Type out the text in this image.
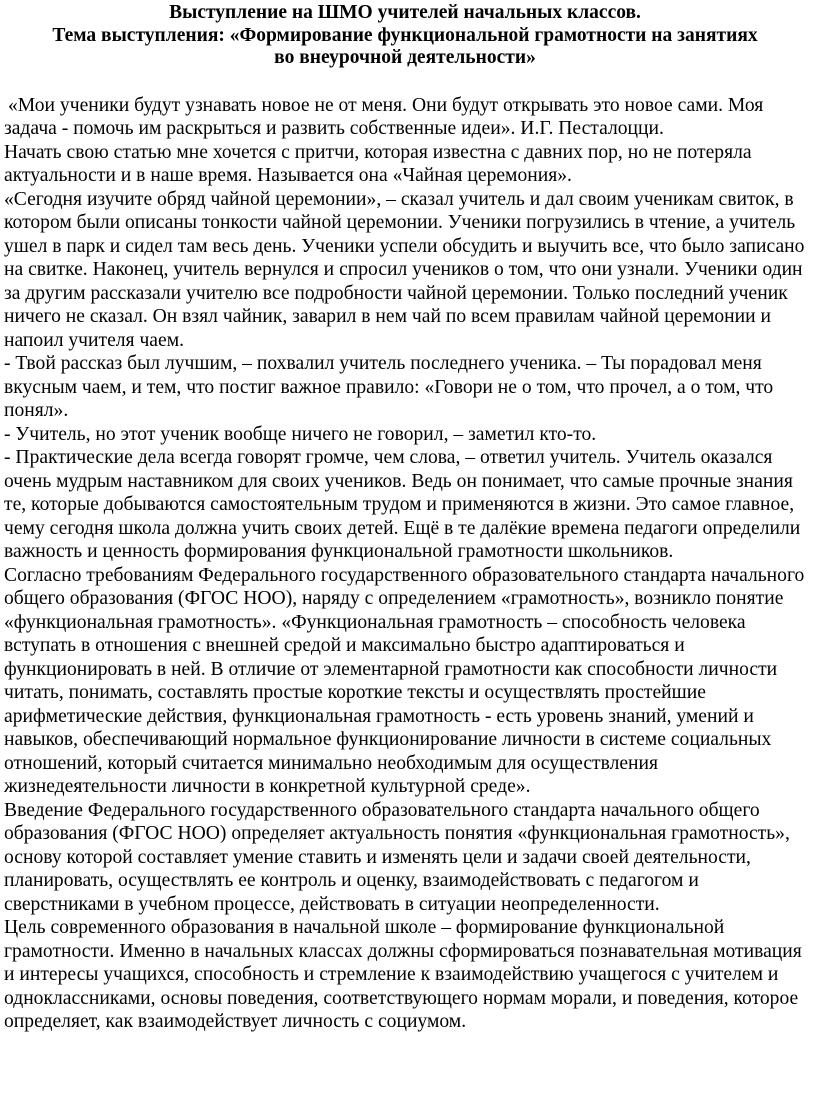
Выступление на ШМО учителей начальных классов.
Тема выступления: «Формирование функциональной грамотности на занятиях
во внеурочной деятельности»

«Мои ученики будут узнавать новое не от меня. Они будут открывать это новое сами. Моя задача - помочь им раскрыться и развить собственные идеи». И.Г. Песталоцци.

Начать свою статью мне хочется с притчи, которая известна с давних пор, но не потеряла актуальности и в наше время. Называется она «Чайная церемония».

«Сегодня изучите обряд чайной церемонии», – сказал учитель и дал своим ученикам свиток, в котором были описаны тонкости чайной церемонии. Ученики погрузились в чтение, а учитель ушел в парк и сидел там весь день. Ученики успели обсудить и выучить все, что было записано на свитке. Наконец, учитель вернулся и спросил учеников о том, что они узнали. Ученики один за другим рассказали учителю все подробности чайной церемонии. Только последний ученик ничего не сказал. Он взял чайник, заварил в нем чай по всем правилам чайной церемонии и напоил учителя чаем.

- Твой рассказ был лучшим, – похвалил учитель последнего ученика. – Ты порадовал меня вкусным чаем, и тем, что постиг важное правило: «Говори не о том, что прочел, а о том, что понял».

- Учитель, но этот ученик вообще ничего не говорил, – заметил кто-то.

- Практические дела всегда говорят громче, чем слова, – ответил учитель. Учитель оказался очень мудрым наставником для своих учеников. Ведь он понимает, что самые прочные знания те, которые добываются самостоятельным трудом и применяются в жизни. Это самое главное, чему сегодня школа должна учить своих детей. Ещё в те далёкие времена педагоги определили важность и ценность формирования функциональной грамотности школьников.

Согласно требованиям Федерального государственного образовательного стандарта начального общего образования (ФГОС НОО), наряду с определением «грамотность», возникло понятие «функциональная грамотность». «Функциональная грамотность – способность человека вступать в отношения с внешней средой и максимально быстро адаптироваться и функционировать в ней. В отличие от элементарной грамотности как способности личности читать, понимать, составлять простые короткие тексты и осуществлять простейшие арифметические действия, функциональная грамотность - есть уровень знаний, умений и навыков, обеспечивающий нормальное функционирование личности в системе социальных отношений, который считается минимально необходимым для осуществления жизнедеятельности личности в конкретной культурной среде».

Введение Федерального государственного образовательного стандарта начального общего образования (ФГОС НОО) определяет актуальность понятия «функциональная грамотность», основу которой составляет умение ставить и изменять цели и задачи своей деятельности, планировать, осуществлять ее контроль и оценку, взаимодействовать с педагогом и сверстниками в учебном процессе, действовать в ситуации неопределенности.

Цель современного образования в начальной школе – формирование функциональной грамотности. Именно в начальных классах должны сформироваться познавательная мотивация и интересы учащихся, способность и стремление к взаимодействию учащегося с учителем и одноклассниками, основы поведения, соответствующего нормам морали, и поведения, которое определяет, как взаимодействует личность с социумом.
